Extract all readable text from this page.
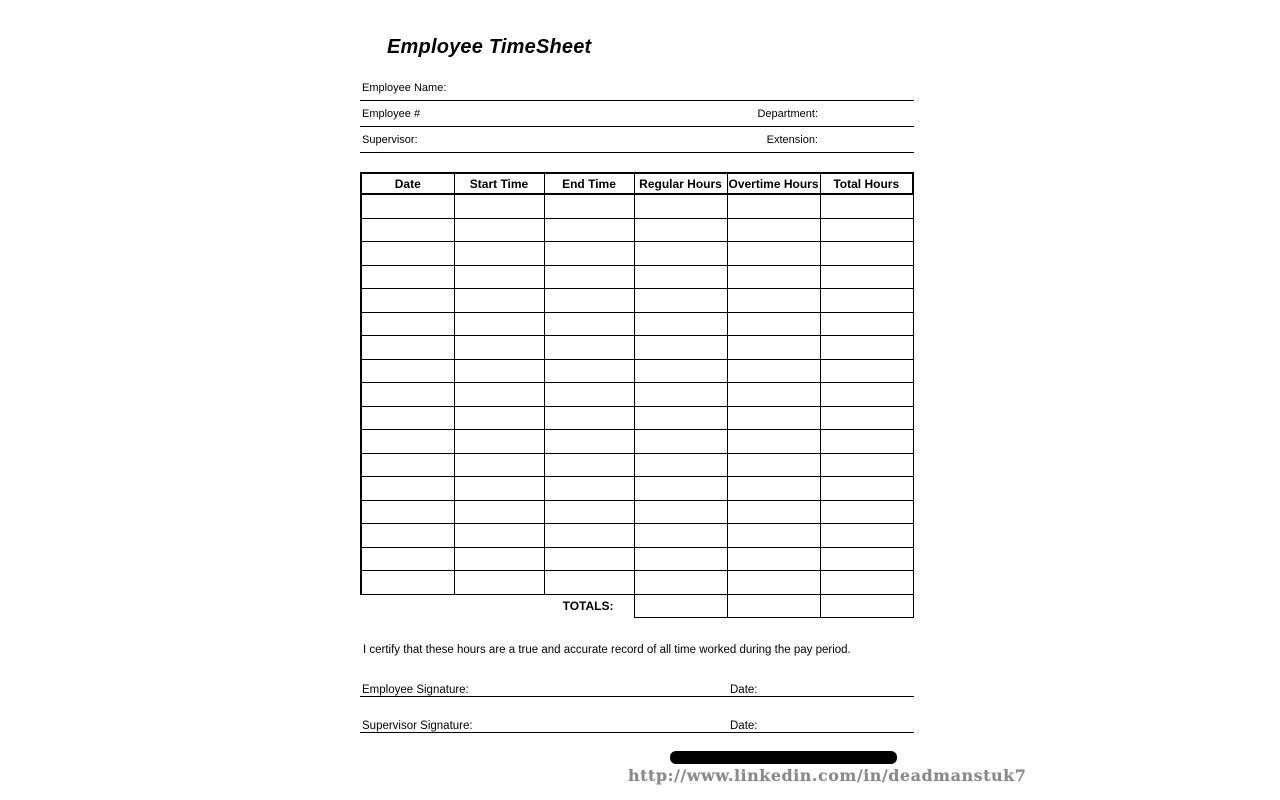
Employee TimeSheet
Employee Name:
Employee #	Department:
Supervisor:	Extension:
Date	Start Time	End Time	Regular Hours	Overtime Hours	Total Hours

		TOTALS:			
I certify that these hours are a true and accurate record of all time worked during the pay period.
Employee Signature:	Date:
Supervisor Signature:	Date:
http://www.linkedin.com/in/deadmanstuk7
